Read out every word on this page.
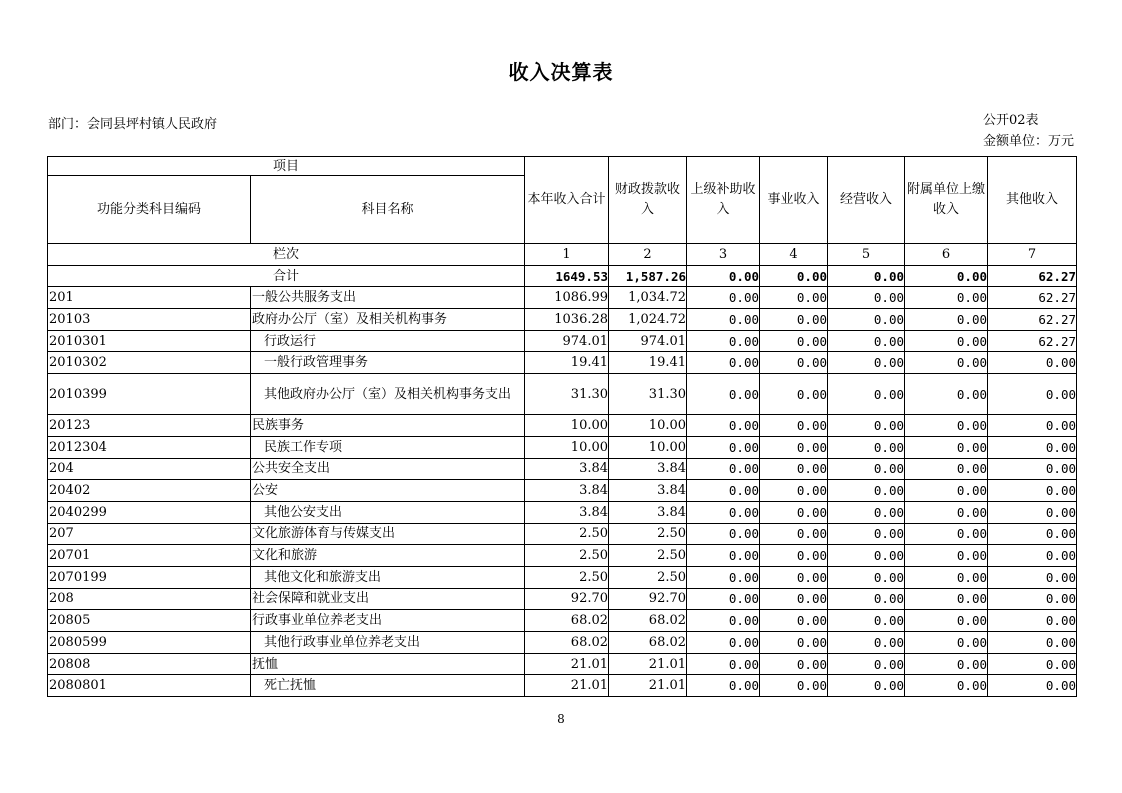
收入决算表
部门：会同县坪村镇人民政府	公开02表
金额单位：万元
项目		本年收入合计	财政拨款收入	上级补助收入	事业收入	经营收入	附属单位上缴收入	其他收入
功能分类科目编码	科目名称							
栏次		1	2	3	4	5	6	7
合计		1649.53	1,587.26	0.00	0.00	0.00	0.00	62.27
201	一般公共服务支出	1086.99	1,034.72	0.00	0.00	0.00	0.00	62.27
20103	政府办公厅（室）及相关机构事务	1036.28	1,024.72	0.00	0.00	0.00	0.00	62.27
2010301	行政运行	974.01	974.01	0.00	0.00	0.00	0.00	62.27
2010302	一般行政管理事务	19.41	19.41	0.00	0.00	0.00	0.00	0.00
2010399	其他政府办公厅（室）及相关机构事务支出	31.30	31.30	0.00	0.00	0.00	0.00	0.00
20123	民族事务	10.00	10.00	0.00	0.00	0.00	0.00	0.00
2012304	民族工作专项	10.00	10.00	0.00	0.00	0.00	0.00	0.00
204	公共安全支出	3.84	3.84	0.00	0.00	0.00	0.00	0.00
20402	公安	3.84	3.84	0.00	0.00	0.00	0.00	0.00
2040299	其他公安支出	3.84	3.84	0.00	0.00	0.00	0.00	0.00
207	文化旅游体育与传媒支出	2.50	2.50	0.00	0.00	0.00	0.00	0.00
20701	文化和旅游	2.50	2.50	0.00	0.00	0.00	0.00	0.00
2070199	其他文化和旅游支出	2.50	2.50	0.00	0.00	0.00	0.00	0.00
208	社会保障和就业支出	92.70	92.70	0.00	0.00	0.00	0.00	0.00
20805	行政事业单位养老支出	68.02	68.02	0.00	0.00	0.00	0.00	0.00
2080599	其他行政事业单位养老支出	68.02	68.02	0.00	0.00	0.00	0.00	0.00
20808	抚恤	21.01	21.01	0.00	0.00	0.00	0.00	0.00
2080801	死亡抚恤	21.01	21.01	0.00	0.00	0.00	0.00	0.00
8
